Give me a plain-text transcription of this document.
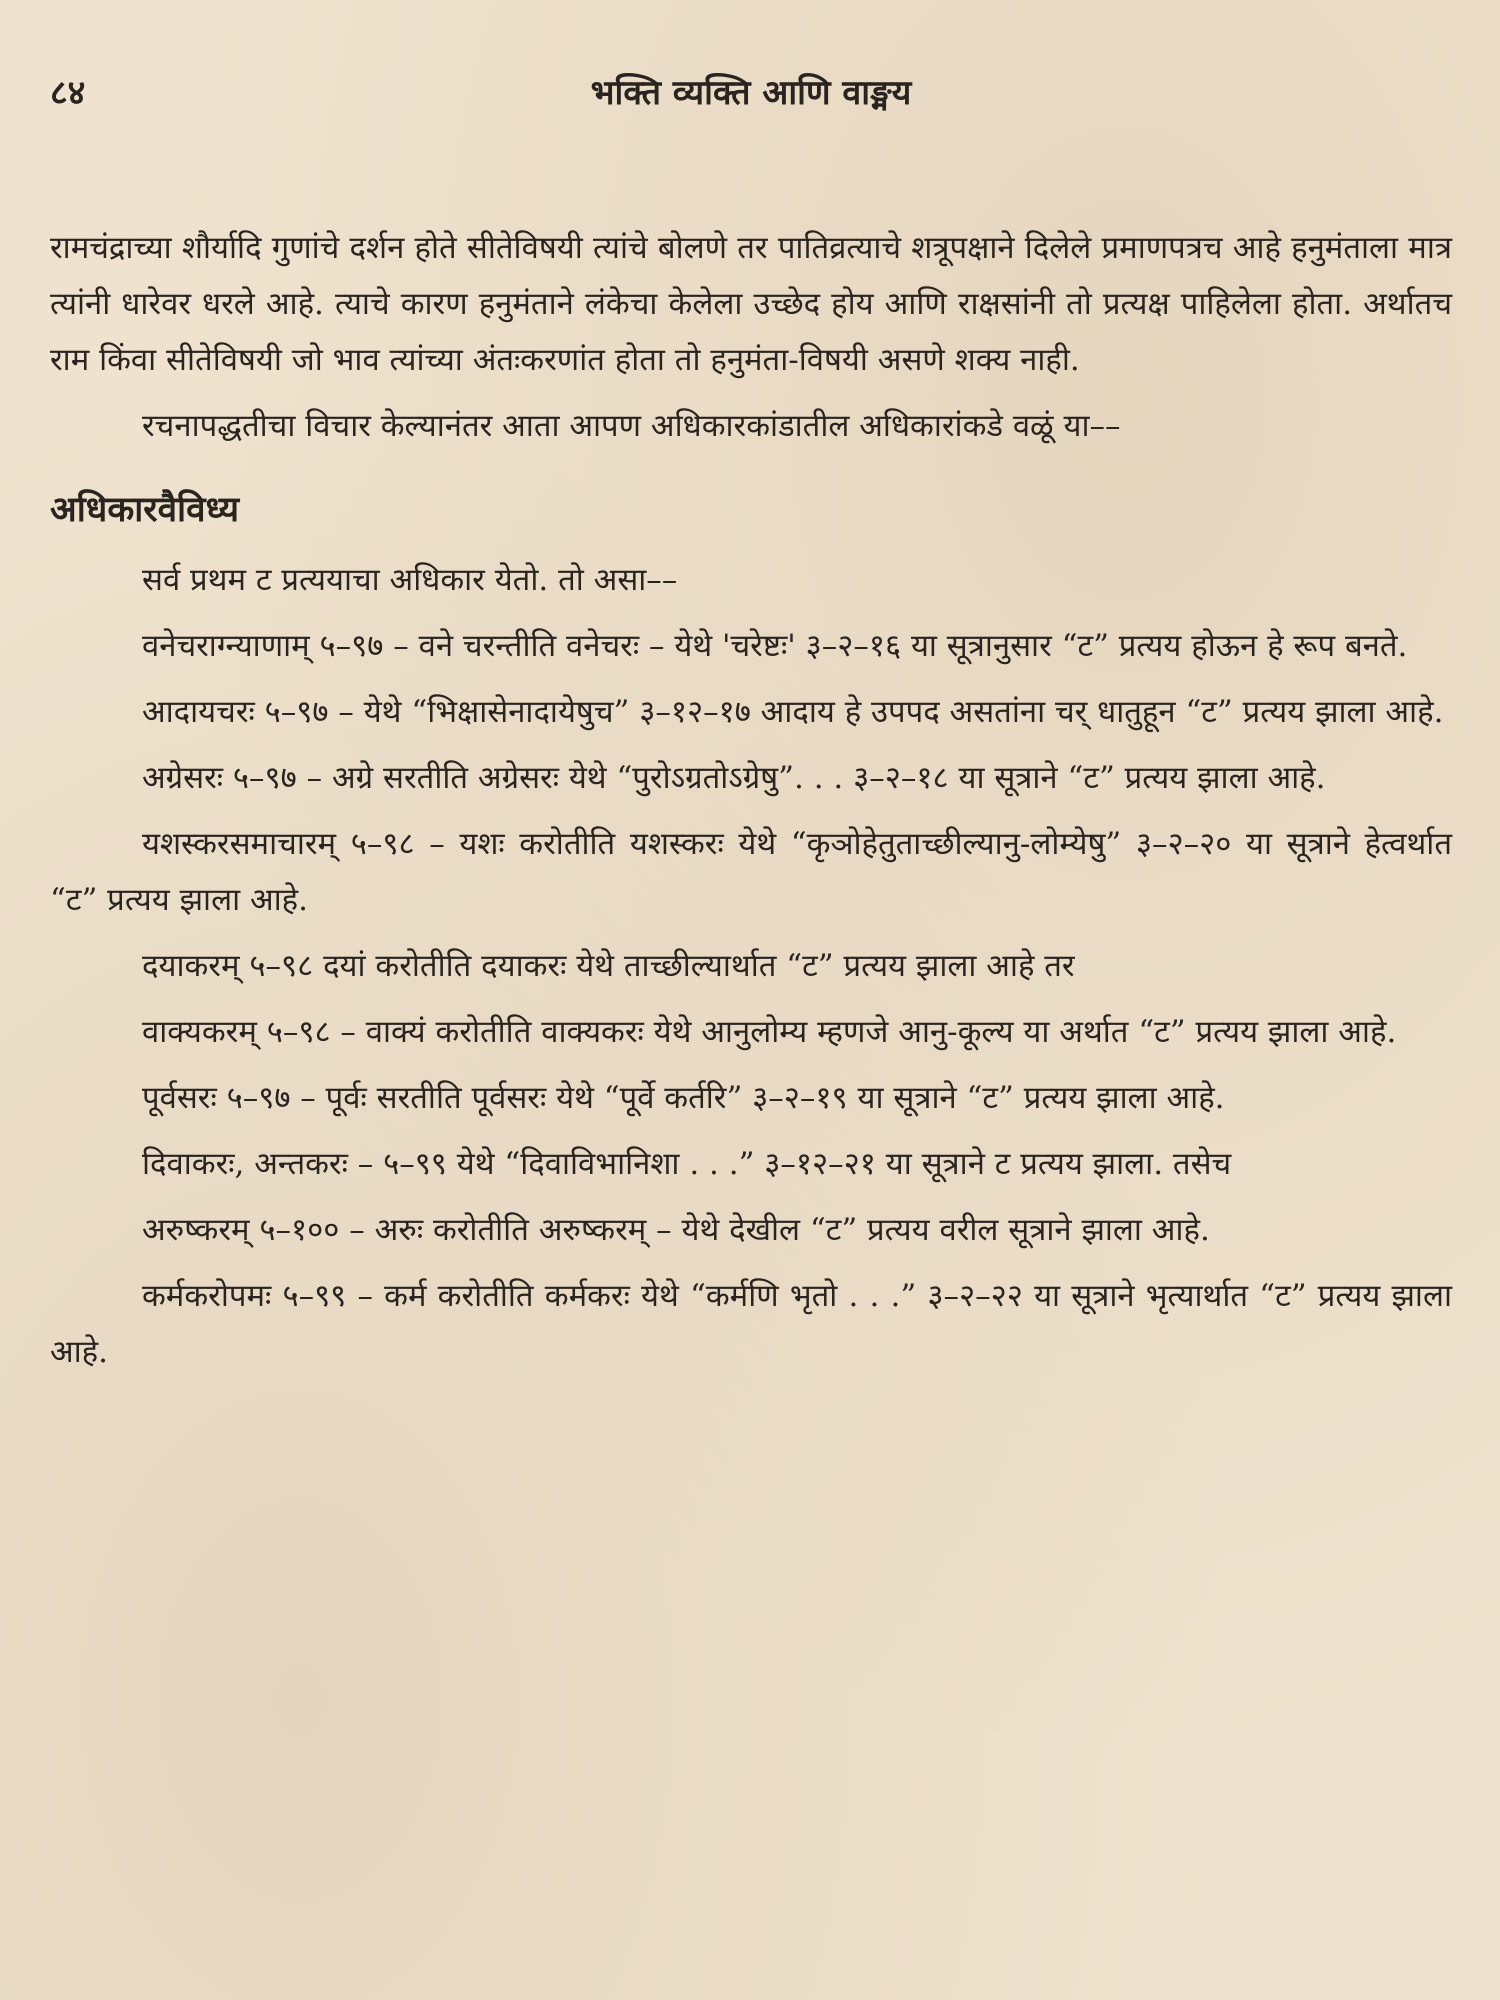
८४	भक्ति व्यक्ति आणि वाङ्मय

रामचंद्राच्या शौर्यादि गुणांचे दर्शन होते सीतेविषयी त्यांचे बोलणे तर पातिव्रत्याचे शत्रूपक्षाने दिलेले प्रमाणपत्रच आहे हनुमंताला मात्र त्यांनी धारेवर धरले आहे. त्याचे कारण हनुमंताने लंकेचा केलेला उच्छेद होय आणि राक्षसांनी तो प्रत्यक्ष पाहिलेला होता. अर्थातच राम किंवा सीतेविषयी जो भाव त्यांच्या अंतःकरणांत होता तो हनुमंता-विषयी असणे शक्य नाही.

रचनापद्धतीचा विचार केल्यानंतर आता आपण अधिकारकांडातील अधिकारांकडे वळूं या––

अधिकारवैविध्य

सर्व प्रथम ट प्रत्ययाचा अधिकार येतो. तो असा––

वनेचराग्न्याणाम् ५–९७ – वने चरन्तीति वनेचरः – येथे 'चरेष्टः' ३–२–१६ या सूत्रानुसार “ट” प्रत्यय होऊन हे रूप बनते.

आदायचरः ५–९७ – येथे “भिक्षासेनादायेषुच” ३–१२–१७ आदाय हे उपपद असतांना चर् धातुहून “ट” प्रत्यय झाला आहे.

अग्रेसरः ५–९७ – अग्रे सरतीति अग्रेसरः येथे “पुरोऽग्रतोऽग्रेषु”. . . ३–२–१८ या सूत्राने “ट” प्रत्यय झाला आहे.

यशस्करसमाचारम् ५–९८ – यशः करोतीति यशस्करः येथे “कृञोहेतुताच्छील्यानु-लोम्येषु” ३–२–२० या सूत्राने हेत्वर्थात “ट” प्रत्यय झाला आहे.

दयाकरम् ५–९८ दयां करोतीति दयाकरः येथे ताच्छील्यार्थात “ट” प्रत्यय झाला आहे तर

वाक्यकरम् ५–९८ – वाक्यं करोतीति वाक्यकरः येथे आनुलोम्य म्हणजे आनु-कूल्य या अर्थात “ट” प्रत्यय झाला आहे.

पूर्वसरः ५–९७ – पूर्वः सरतीति पूर्वसरः येथे “पूर्वे कर्तरि” ३–२–१९ या सूत्राने “ट” प्रत्यय झाला आहे.

दिवाकरः, अन्तकरः – ५–९९ येथे “दिवाविभानिशा . . .” ३–१२–२१ या सूत्राने ट प्रत्यय झाला. तसेच

अरुष्करम् ५–१०० – अरुः करोतीति अरुष्करम् – येथे देखील “ट” प्रत्यय वरील सूत्राने झाला आहे.

कर्मकरोपमः ५–९९ – कर्म करोतीति कर्मकरः येथे “कर्मणि भृतो . . .” ३–२–२२ या सूत्राने भृत्यार्थात “ट” प्रत्यय झाला आहे.
